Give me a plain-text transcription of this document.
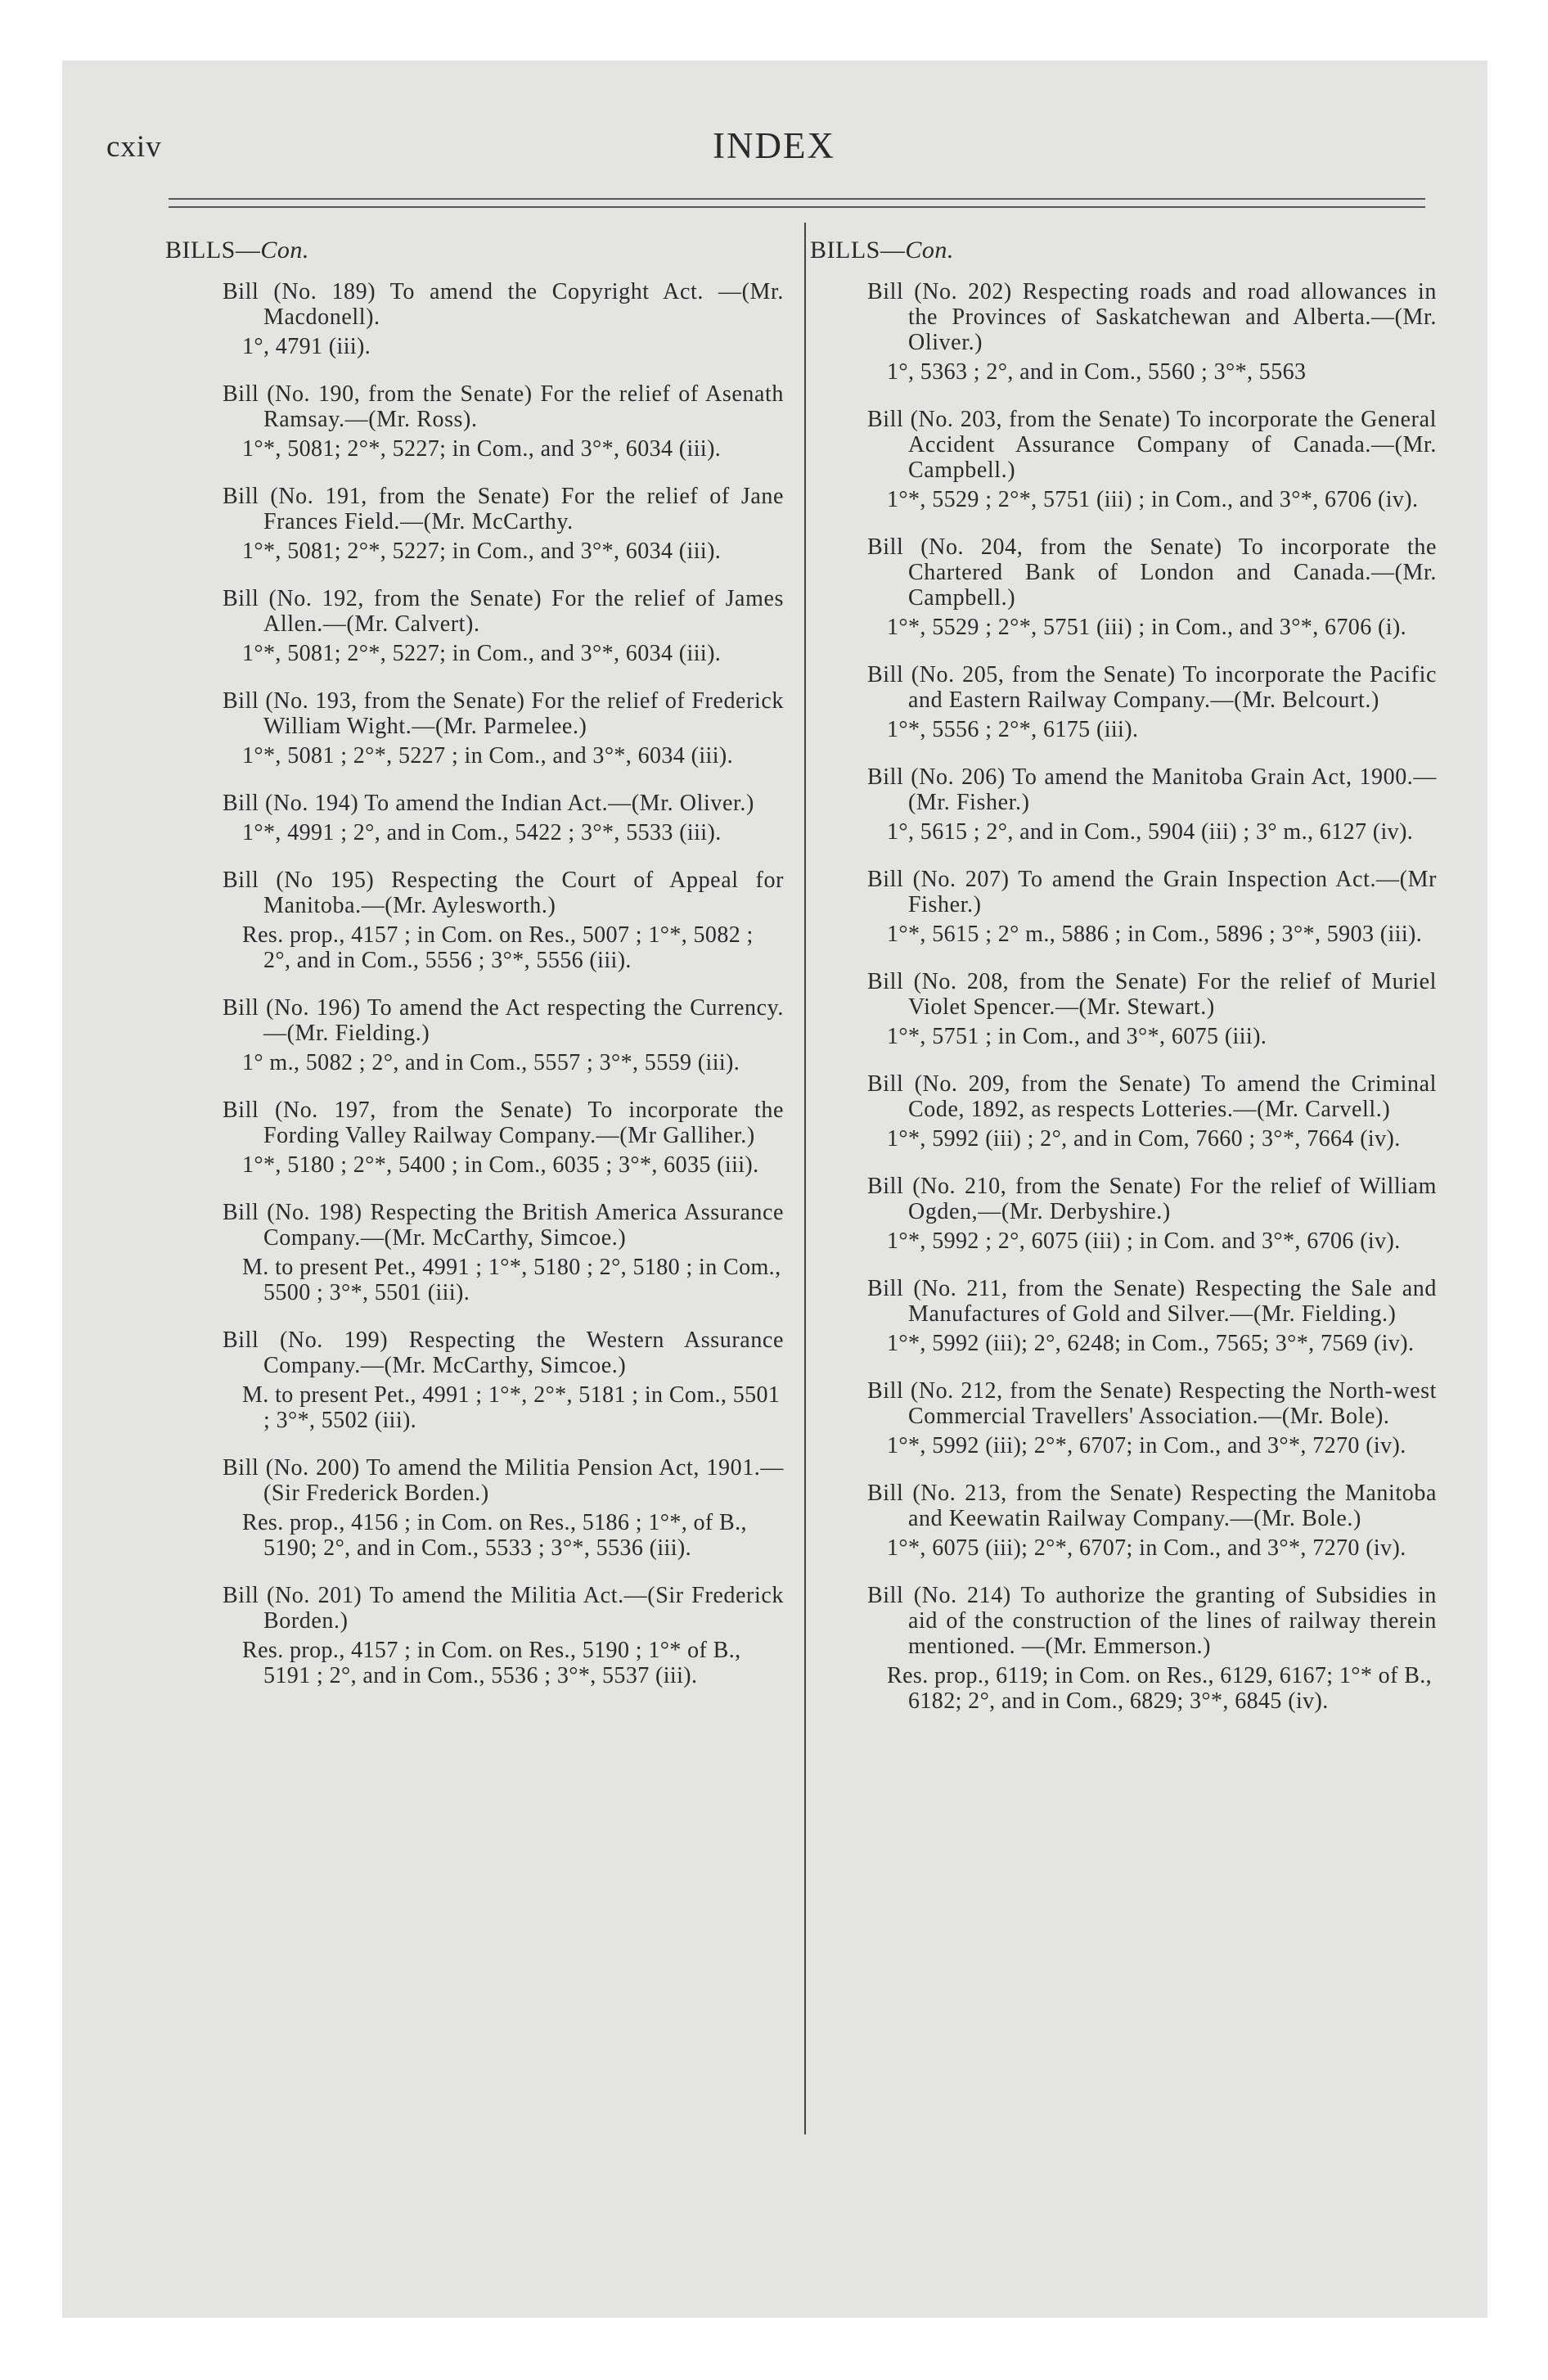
cxiv	INDEX
BILLS—Con.
Bill (No. 189) To amend the Copyright Act. —(Mr. Macdonell).
1°, 4791 (iii).
Bill (No. 190, from the Senate) For the relief of Asenath Ramsay.—(Mr. Ross).
1°*, 5081; 2°*, 5227; in Com., and 3°*, 6034 (iii).
Bill (No. 191, from the Senate) For the relief of Jane Frances Field.—(Mr. McCarthy.
1°*, 5081; 2°*, 5227; in Com., and 3°*, 6034 (iii).
Bill (No. 192, from the Senate) For the relief of James Allen.—(Mr. Calvert).
1°*, 5081; 2°*, 5227; in Com., and 3°*, 6034 (iii).
Bill (No. 193, from the Senate) For the relief of Frederick William Wight.—(Mr. Parmelee.)
1°*, 5081 ; 2°*, 5227 ; in Com., and 3°*, 6034 (iii).
Bill (No. 194) To amend the Indian Act.—(Mr. Oliver.)
1°*, 4991 ; 2°, and in Com., 5422 ; 3°*, 5533 (iii).
Bill (No 195) Respecting the Court of Appeal for Manitoba.—(Mr. Aylesworth.)
Res. prop., 4157 ; in Com. on Res., 5007 ; 1°*, 5082 ; 2°, and in Com., 5556 ; 3°*, 5556 (iii).
Bill (No. 196) To amend the Act respecting the Currency.—(Mr. Fielding.)
1° m., 5082 ; 2°, and in Com., 5557 ; 3°*, 5559 (iii).
Bill (No. 197, from the Senate) To incorporate the Fording Valley Railway Company.—(Mr Galliher.)
1°*, 5180 ; 2°*, 5400 ; in Com., 6035 ; 3°*, 6035 (iii).
Bill (No. 198) Respecting the British America Assurance Company.—(Mr. McCarthy, Simcoe.)
M. to present Pet., 4991 ; 1°*, 5180 ; 2°, 5180 ; in Com., 5500 ; 3°*, 5501 (iii).
Bill (No. 199) Respecting the Western Assurance Company.—(Mr. McCarthy, Simcoe.)
M. to present Pet., 4991 ; 1°*, 2°*, 5181 ; in Com., 5501 ; 3°*, 5502 (iii).
Bill (No. 200) To amend the Militia Pension Act, 1901.—(Sir Frederick Borden.)
Res. prop., 4156 ; in Com. on Res., 5186 ; 1°*, of B., 5190; 2°, and in Com., 5533 ; 3°*, 5536 (iii).
Bill (No. 201) To amend the Militia Act.—(Sir Frederick Borden.)
Res. prop., 4157 ; in Com. on Res., 5190 ; 1°* of B., 5191 ; 2°, and in Com., 5536 ; 3°*, 5537 (iii).
BILLS—Con.
Bill (No. 202) Respecting roads and road allowances in the Provinces of Saskatchewan and Alberta.—(Mr. Oliver.)
1°, 5363 ; 2°, and in Com., 5560 ; 3°*, 5563
Bill (No. 203, from the Senate) To incorporate the General Accident Assurance Company of Canada.—(Mr. Campbell.)
1°*, 5529 ; 2°*, 5751 (iii) ; in Com., and 3°*, 6706 (iv).
Bill (No. 204, from the Senate) To incorporate the Chartered Bank of London and Canada.—(Mr. Campbell.)
1°*, 5529 ; 2°*, 5751 (iii) ; in Com., and 3°*, 6706 (i).
Bill (No. 205, from the Senate) To incorporate the Pacific and Eastern Railway Company.—(Mr. Belcourt.)
1°*, 5556 ; 2°*, 6175 (iii).
Bill (No. 206) To amend the Manitoba Grain Act, 1900.—(Mr. Fisher.)
1°, 5615 ; 2°, and in Com., 5904 (iii) ; 3° m., 6127 (iv).
Bill (No. 207) To amend the Grain Inspection Act.—(Mr Fisher.)
1°*, 5615 ; 2° m., 5886 ; in Com., 5896 ; 3°*, 5903 (iii).
Bill (No. 208, from the Senate) For the relief of Muriel Violet Spencer.—(Mr. Stewart.)
1°*, 5751 ; in Com., and 3°*, 6075 (iii).
Bill (No. 209, from the Senate) To amend the Criminal Code, 1892, as respects Lotteries.—(Mr. Carvell.)
1°*, 5992 (iii) ; 2°, and in Com, 7660 ; 3°*, 7664 (iv).
Bill (No. 210, from the Senate) For the relief of William Ogden,—(Mr. Derbyshire.)
1°*, 5992 ; 2°, 6075 (iii) ; in Com. and 3°*, 6706 (iv).
Bill (No. 211, from the Senate) Respecting the Sale and Manufactures of Gold and Silver.—(Mr. Fielding.)
1°*, 5992 (iii); 2°, 6248; in Com., 7565; 3°*, 7569 (iv).
Bill (No. 212, from the Senate) Respecting the North-west Commercial Travellers' Association.—(Mr. Bole).
1°*, 5992 (iii); 2°*, 6707; in Com., and 3°*, 7270 (iv).
Bill (No. 213, from the Senate) Respecting the Manitoba and Keewatin Railway Company.—(Mr. Bole.)
1°*, 6075 (iii); 2°*, 6707; in Com., and 3°*, 7270 (iv).
Bill (No. 214) To authorize the granting of Subsidies in aid of the construction of the lines of railway therein mentioned. —(Mr. Emmerson.)
Res. prop., 6119; in Com. on Res., 6129, 6167; 1°* of B., 6182; 2°, and in Com., 6829; 3°*, 6845 (iv).
